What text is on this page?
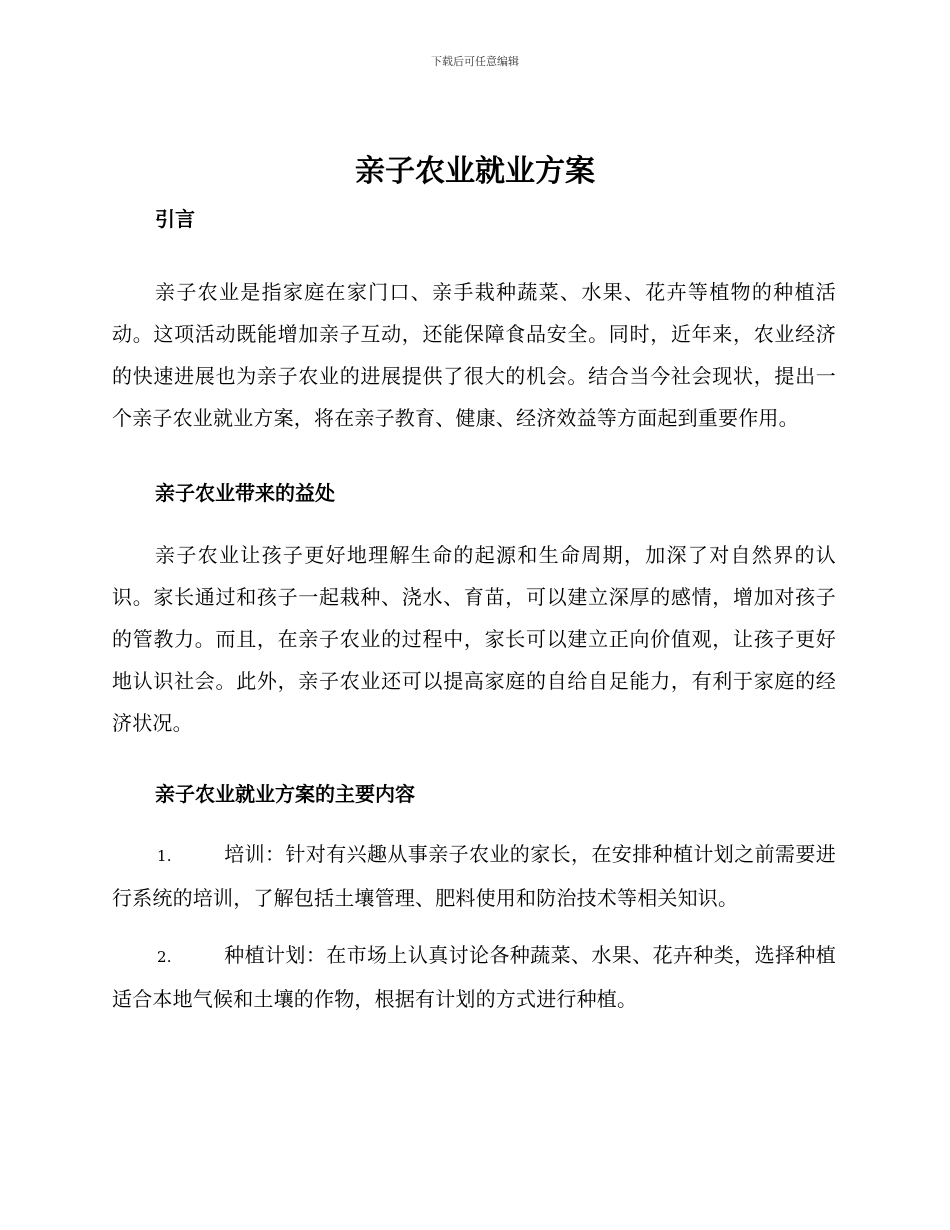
下载后可任意编辑
亲子农业就业方案
引言

亲子农业是指家庭在家门口、亲手栽种蔬菜、水果、花卉等植物的种植活动。这项活动既能增加亲子互动，还能保障食品安全。同时，近年来，农业经济的快速进展也为亲子农业的进展提供了很大的机会。结合当今社会现状，提出一个亲子农业就业方案，将在亲子教育、健康、经济效益等方面起到重要作用。

亲子农业带来的益处

亲子农业让孩子更好地理解生命的起源和生命周期，加深了对自然界的认识。家长通过和孩子一起栽种、浇水、育苗，可以建立深厚的感情，增加对孩子的管教力。而且，在亲子农业的过程中，家长可以建立正向价值观，让孩子更好地认识社会。此外，亲子农业还可以提高家庭的自给自足能力，有利于家庭的经济状况。

亲子农业就业方案的主要内容
1.	培训：针对有兴趣从事亲子农业的家长，在安排种植计划之前需要进行系统的培训，了解包括土壤管理、肥料使用和防治技术等相关知识。
2.	种植计划：在市场上认真讨论各种蔬菜、水果、花卉种类，选择种植适合本地气候和土壤的作物，根据有计划的方式进行种植。
